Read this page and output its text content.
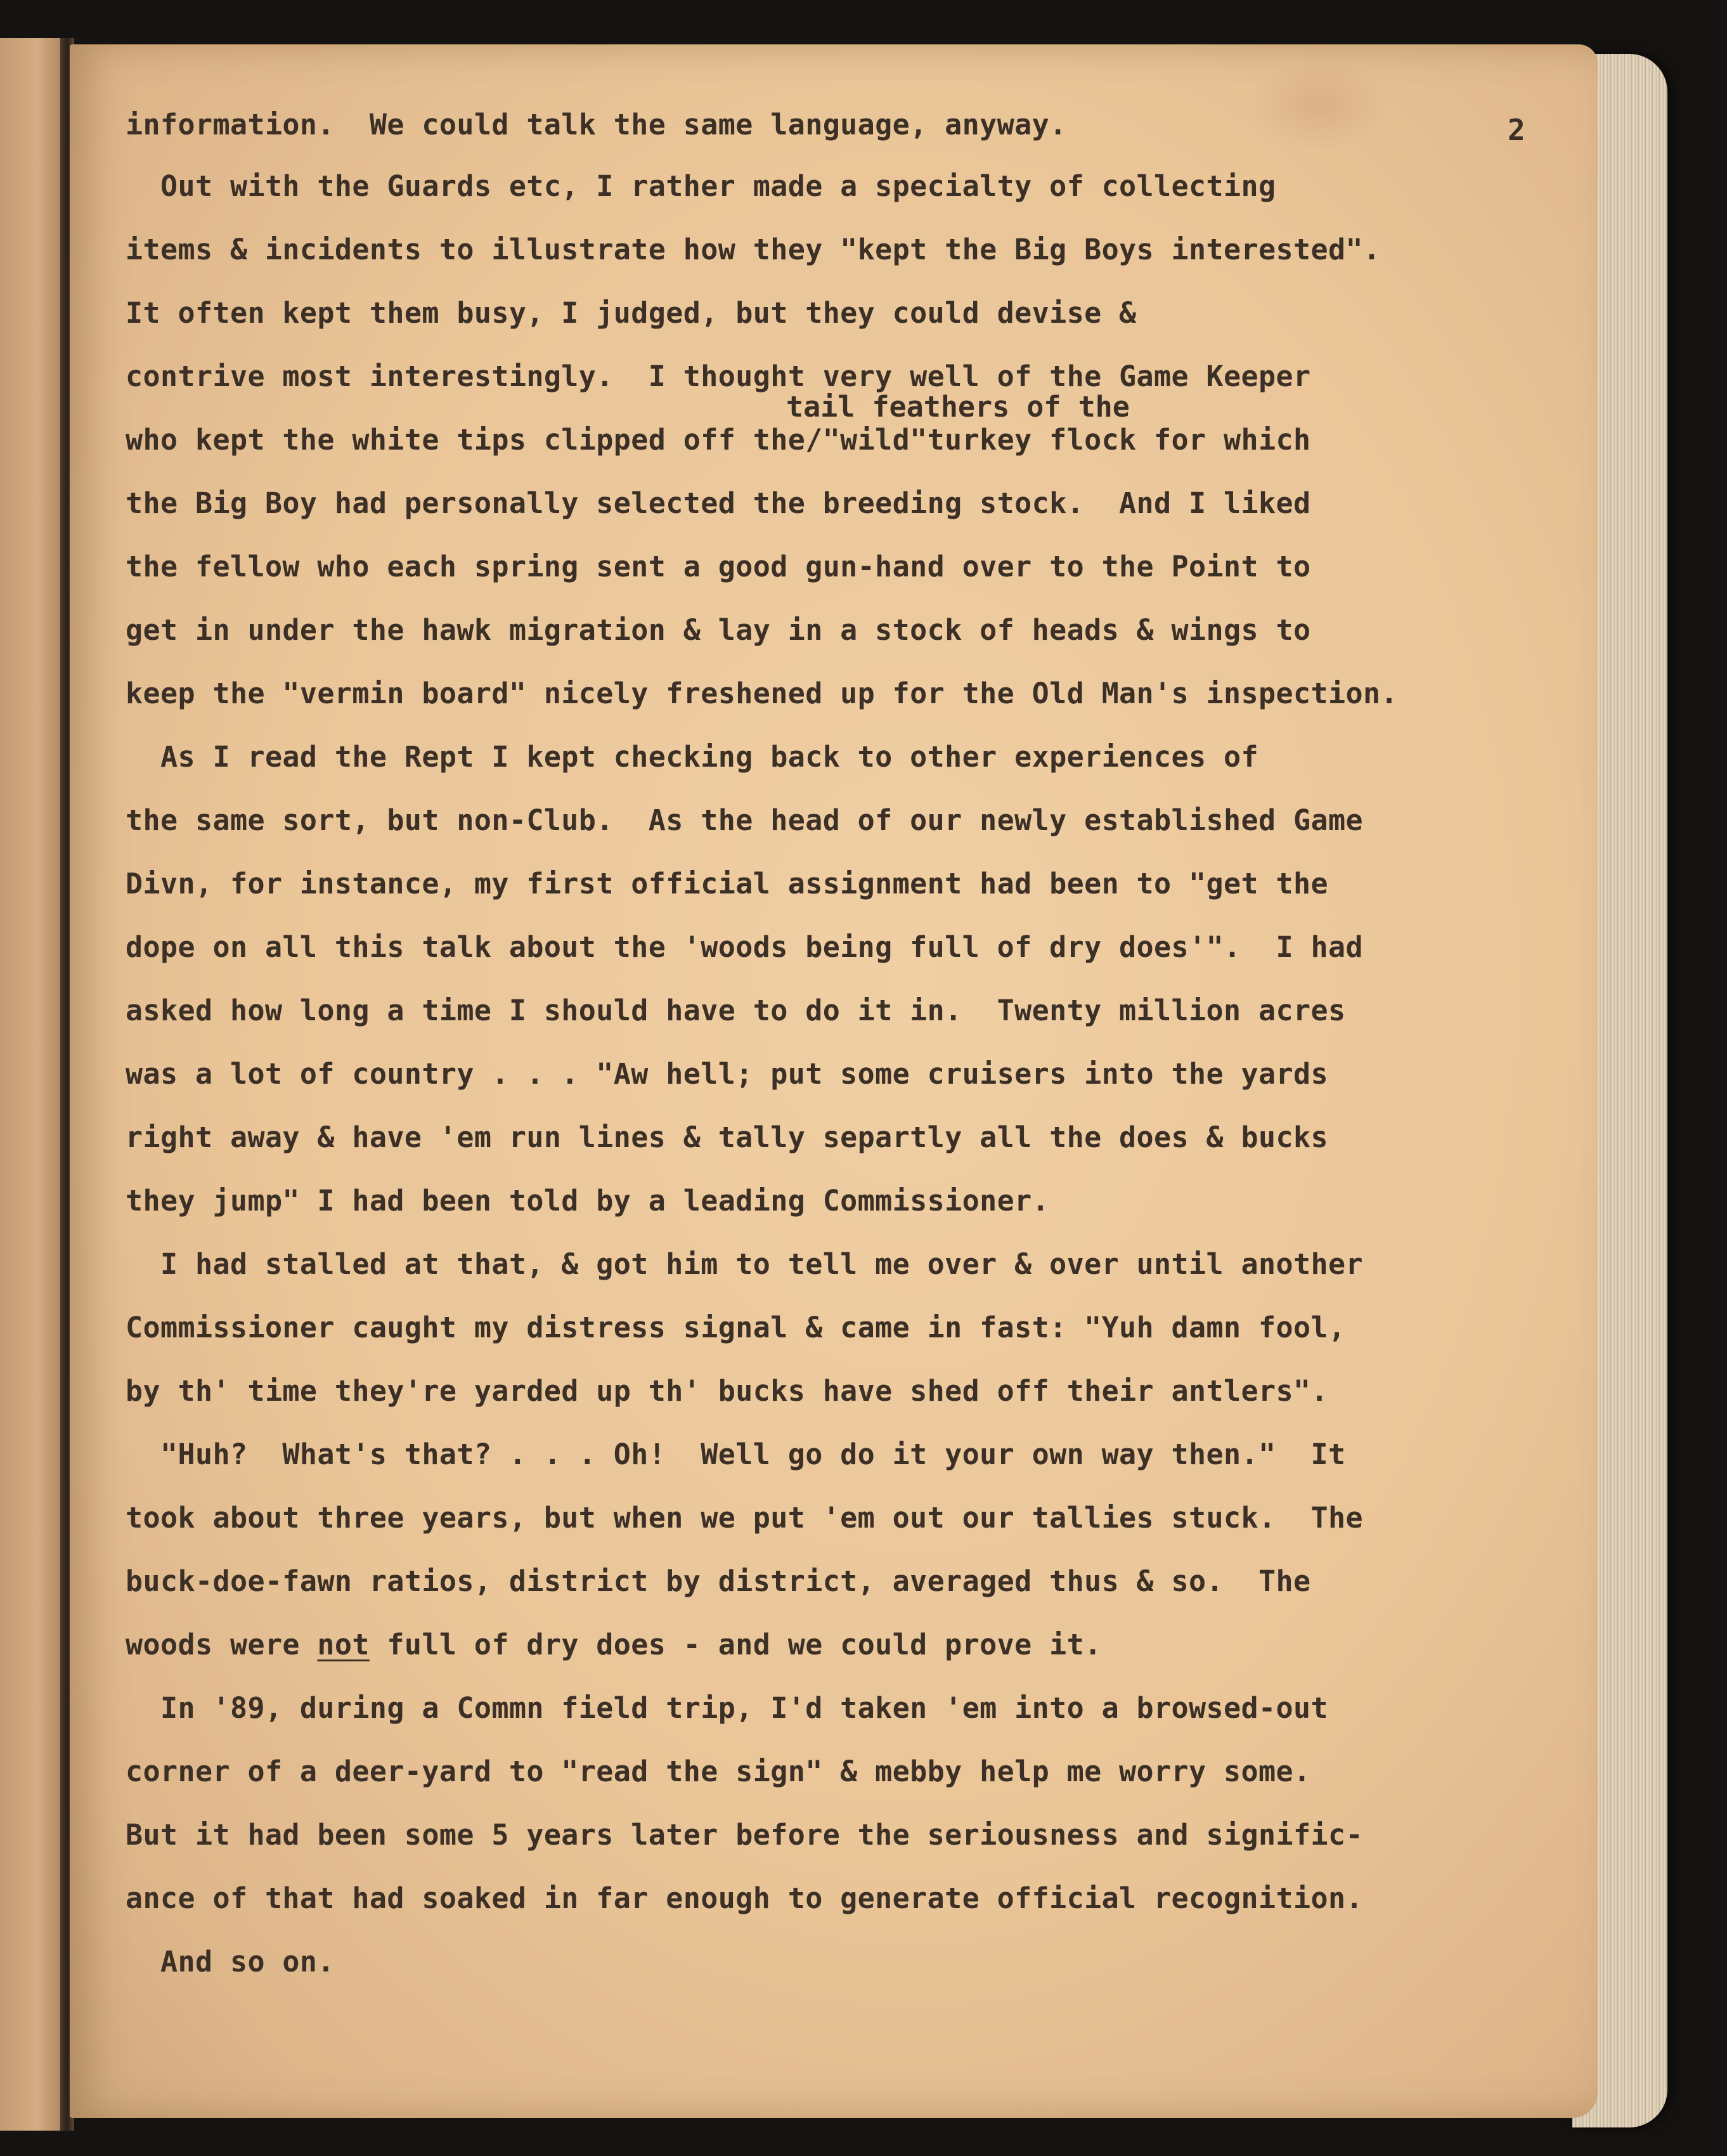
2
tail feathers of the
information.  We could talk the same language, anyway.
Out with the Guards etc, I rather made a specialty of collecting
items & incidents to illustrate how they "kept the Big Boys interested".
It often kept them busy, I judged, but they could devise &
contrive most interestingly.  I thought very well of the Game Keeper
who kept the white tips clipped off the/"wild"turkey flock for which
the Big Boy had personally selected the breeding stock.  And I liked
the fellow who each spring sent a good gun-hand over to the Point to
get in under the hawk migration & lay in a stock of heads & wings to
keep the "vermin board" nicely freshened up for the Old Man's inspection.
As I read the Rept I kept checking back to other experiences of
the same sort, but non-Club.  As the head of our newly established Game
Divn, for instance, my first official assignment had been to "get the
dope on all this talk about the 'woods being full of dry does'".  I had
asked how long a time I should have to do it in.  Twenty million acres
was a lot of country . . . "Aw hell; put some cruisers into the yards
right away & have 'em run lines & tally separtly all the does & bucks
they jump" I had been told by a leading Commissioner.
I had stalled at that, & got him to tell me over & over until another
Commissioner caught my distress signal & came in fast: "Yuh damn fool,
by th' time they're yarded up th' bucks have shed off their antlers".
"Huh?  What's that? . . . Oh!  Well go do it your own way then."  It
took about three years, but when we put 'em out our tallies stuck.  The
buck-doe-fawn ratios, district by district, averaged thus & so.  The
woods were not full of dry does - and we could prove it.
In '89, during a Commn field trip, I'd taken 'em into a browsed-out
corner of a deer-yard to "read the sign" & mebby help me worry some.
But it had been some 5 years later before the seriousness and signific-
ance of that had soaked in far enough to generate official recognition.
And so on.
